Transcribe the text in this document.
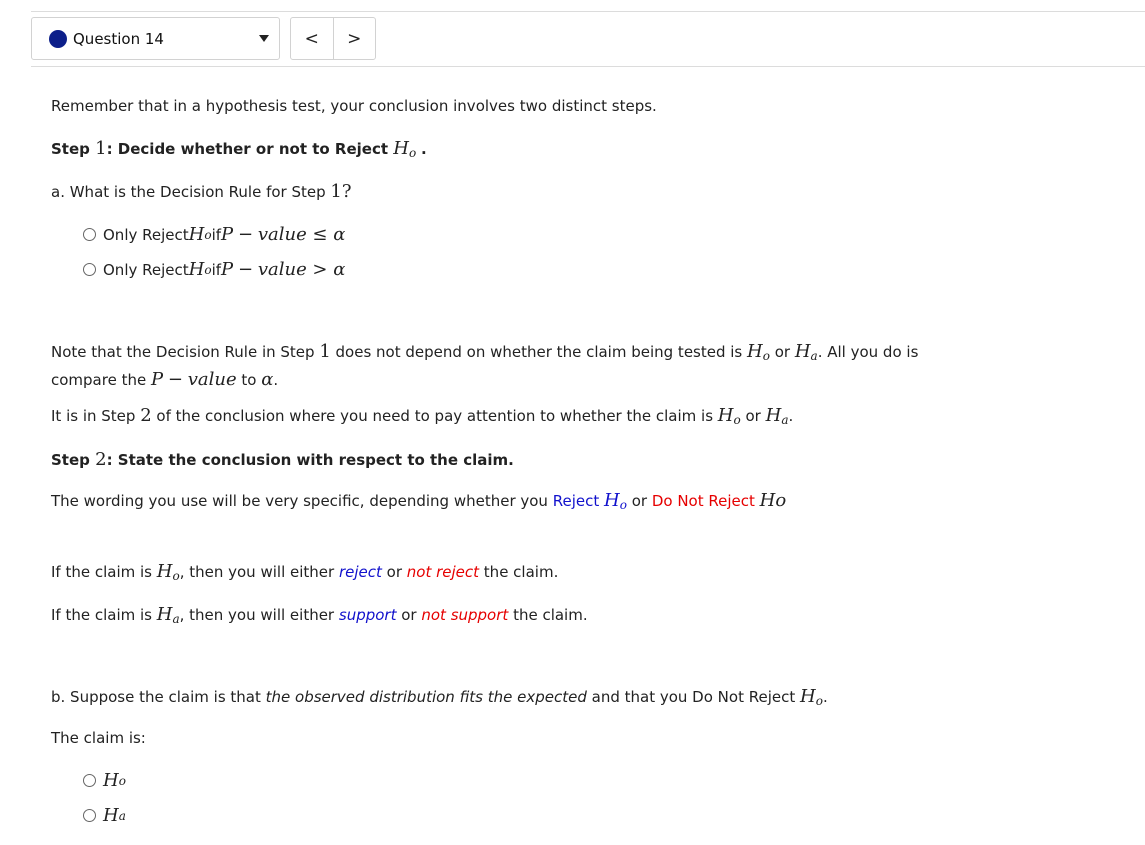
Question 14	<	>
Remember that in a hypothesis test, your conclusion involves two distinct steps.
Step 1: Decide whether or not to Reject $H_o$ .
a. What is the Decision Rule for Step 1?
Only Reject H o if P
−
value ≤ α
Only Reject H o if P
−
value > α
Note that the Decision Rule in Step 1 does not depend on whether the claim being tested is $H_o$ or $H_a$. All you do is compare the P − value to α.
It is in Step 2 of the conclusion where you need to pay attention to whether the claim is $H_o$ or $H_a$.
Step 2: State the conclusion with respect to the claim.
The wording you use will be very specific, depending whether you Reject $H_o$ or Do Not Reject Ho
If the claim is $H_o$, then you will either reject or not reject the claim.
If the claim is $H_a$, then you will either support or not support the claim.
b. Suppose the claim is that the observed distribution fits the expected and that you Do Not Reject $H_o$.
The claim is:
H o
H a
